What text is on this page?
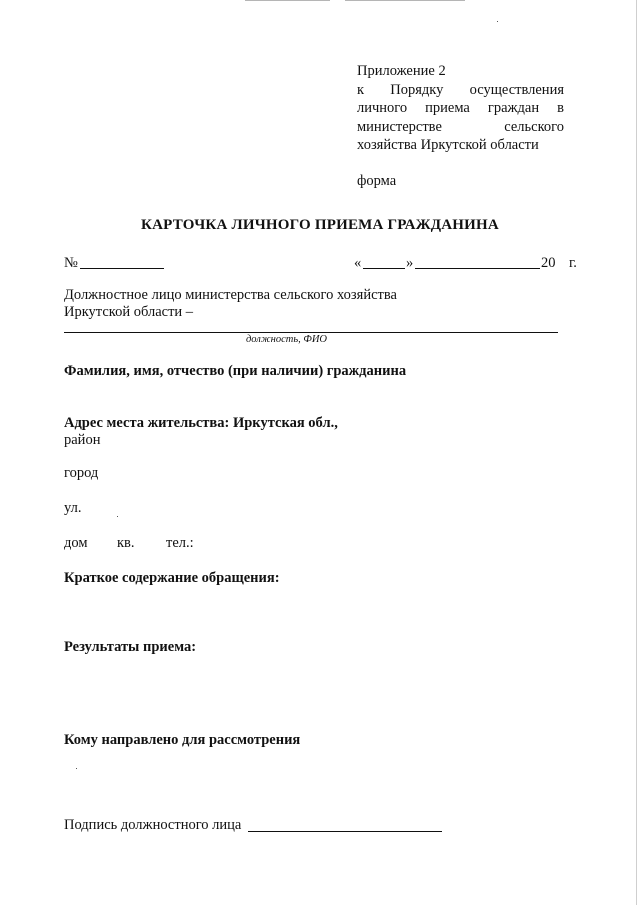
Приложение 2
к Порядку осуществления
личного приема граждан в
министерстве сельского
хозяйства Иркутской области
форма
КАРТОЧКА ЛИЧНОГО ПРИЕМА ГРАЖДАНИНА
№	«	»	20 г.
Должностное лицо министерства сельского хозяйства
Иркутской области –
должность, ФИО
Фамилия, имя, отчество (при наличии) гражданина
Адрес места жительства: Иркутская обл.,
район
город
ул.
дом кв. тел.:
Краткое содержание обращения:
Результаты приема:
Кому направлено для рассмотрения
Подпись должностного лица
